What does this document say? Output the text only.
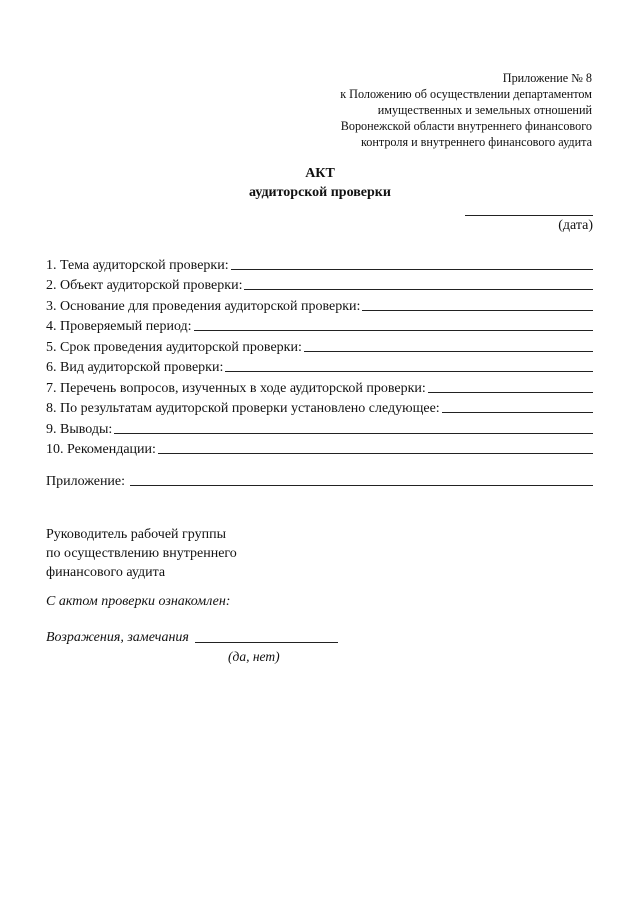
Приложение № 8
к Положению об осуществлении департаментом
имущественных и земельных отношений
Воронежской области внутреннего финансового
контроля и внутреннего финансового аудита
АКТ
аудиторской проверки
(дата)
1. Тема аудиторской проверки:
2. Объект аудиторской проверки:
3. Основание для проведения аудиторской проверки:
4. Проверяемый период:
5. Срок проведения аудиторской проверки:
6. Вид аудиторской проверки:
7. Перечень вопросов, изученных в ходе аудиторской проверки:
8. По результатам аудиторской проверки установлено следующее:
9. Выводы:
10. Рекомендации:
Приложение:
Руководитель рабочей группы
по осуществлению внутреннего
финансового аудита
С актом проверки ознакомлен:
Возражения, замечания
(да, нет)
